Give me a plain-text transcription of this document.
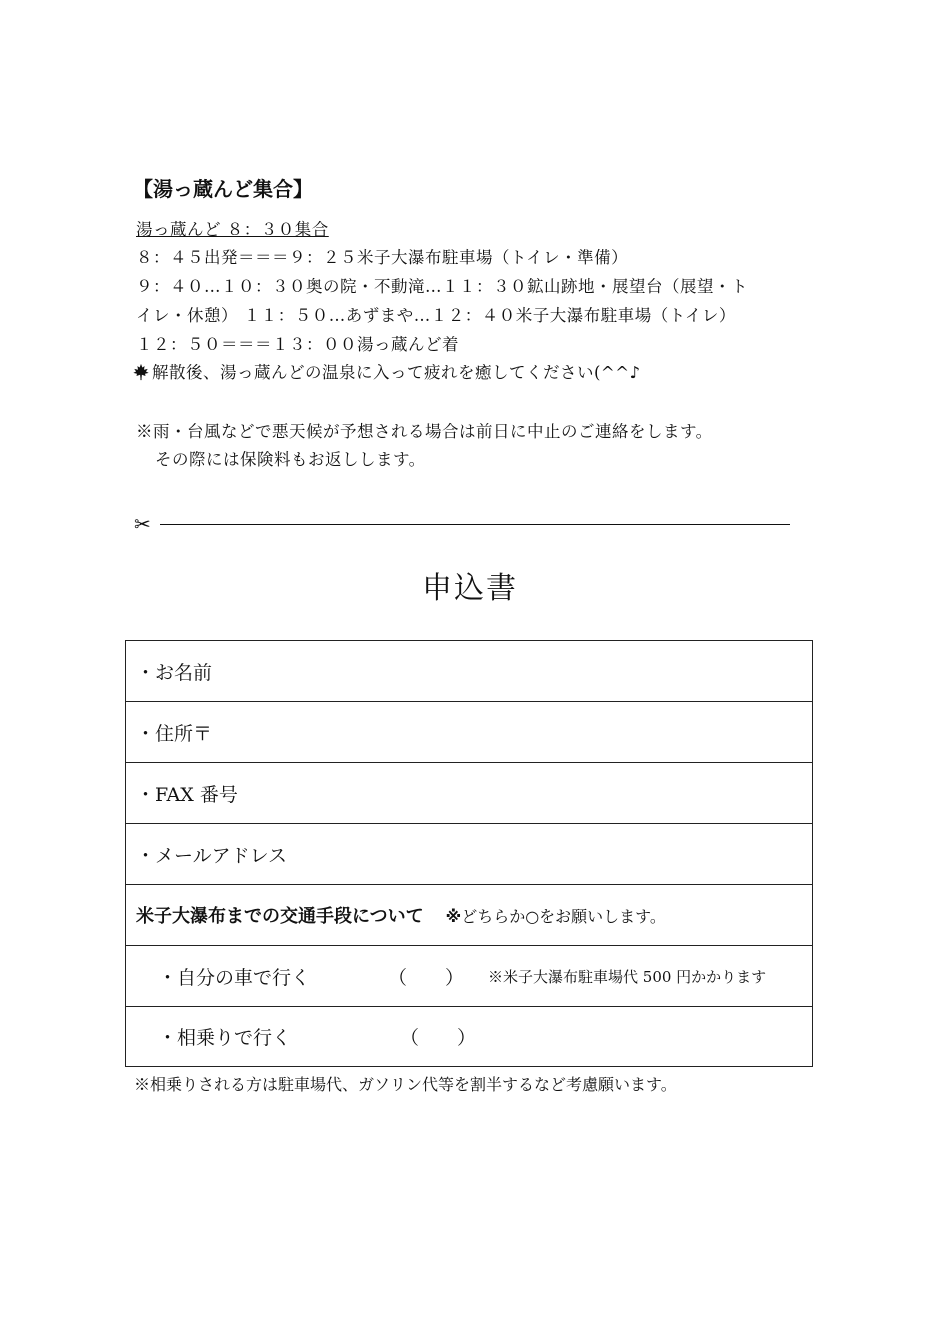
【湯っ蔵んど集合】
湯っ蔵んど ８：３０集合
８：４５出発＝＝＝９：２５米子大瀑布駐車場（トイレ・準備）
９：４０…１０：３０奥の院・不動滝…１１：３０鉱山跡地・展望台（展望・ト
イレ・休憩） １１：５０…あずまや…１２：４０米子大瀑布駐車場（トイレ）
１２：５０＝＝＝１３：００湯っ蔵んど着
解散後、湯っ蔵んどの温泉に入って疲れを癒してください(^^♪
※雨・台風などで悪天候が予想される場合は前日に中止のご連絡をします。
その際には保険料もお返しします。
✂
申込書
・お名前
・住所〒
・FAX 番号
・メールアドレス
米子大瀑布までの交通手段について ※どちらか○をお願いします。
・自分の車で行く	（　　） ※米子大瀑布駐車場代 500 円かかります
・相乗りで行く	（　　）
※相乗りされる方は駐車場代、ガソリン代等を割半するなど考慮願います。
